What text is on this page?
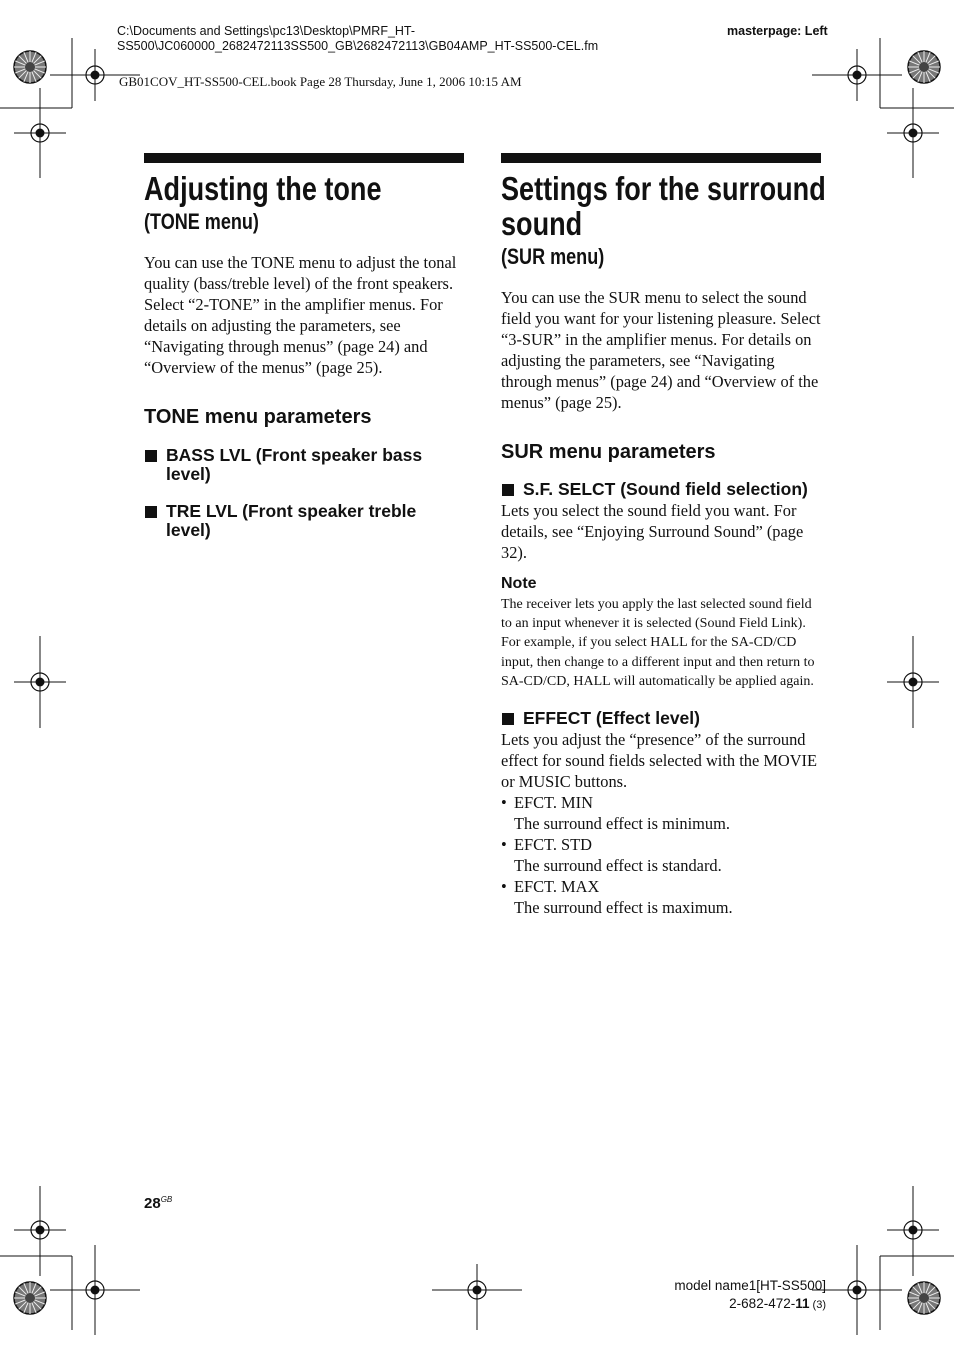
C:\Documents and Settings\pc13\Desktop\PMRF_HT-
SS500\JC060000_2682472113SS500_GB\2682472113\GB04AMP_HT-SS500-CEL.fm
masterpage: Left
GB01COV_HT-SS500-CEL.book Page 28 Thursday, June 1, 2006 10:15 AM
Adjusting the tone
(TONE menu)

You can use the TONE menu to adjust the tonal quality (bass/treble level) of the front speakers.

Select “2-TONE” in the amplifier menus. For details on adjusting the parameters, see “Navigating through menus” (page 24) and “Overview of the menus” (page 25).

TONE menu parameters
BASS LVL (Front speaker bass level)
TRE LVL (Front speaker treble level)
Settings for the surround
sound
(SUR menu)
You can use the SUR menu to select the sound field you want for your listening pleasure. Select “3-SUR” in the amplifier menus. For details on adjusting the parameters, see “Navigating through menus” (page 24) and “Overview of the menus” (page 25).
SUR menu parameters
S.F. SELCT (Sound field selection)
Lets you select the sound field you want. For details, see “Enjoying Surround Sound” (page 32).
Note
The receiver lets you apply the last selected sound field to an input whenever it is selected (Sound Field Link). For example, if you select HALL for the SA-CD/CD input, then change to a different input and then return to SA-CD/CD, HALL will automatically be applied again.
EFFECT (Effect level)
Lets you adjust the “presence” of the surround effect for sound fields selected with the MOVIE or MUSIC buttons.
• EFCT. MIN
The surround effect is minimum.
• EFCT. STD
The surround effect is standard.
• EFCT. MAX
The surround effect is maximum.
$28^{GB}$
model name1[HT-SS500]
2-682-472-11 (3)
